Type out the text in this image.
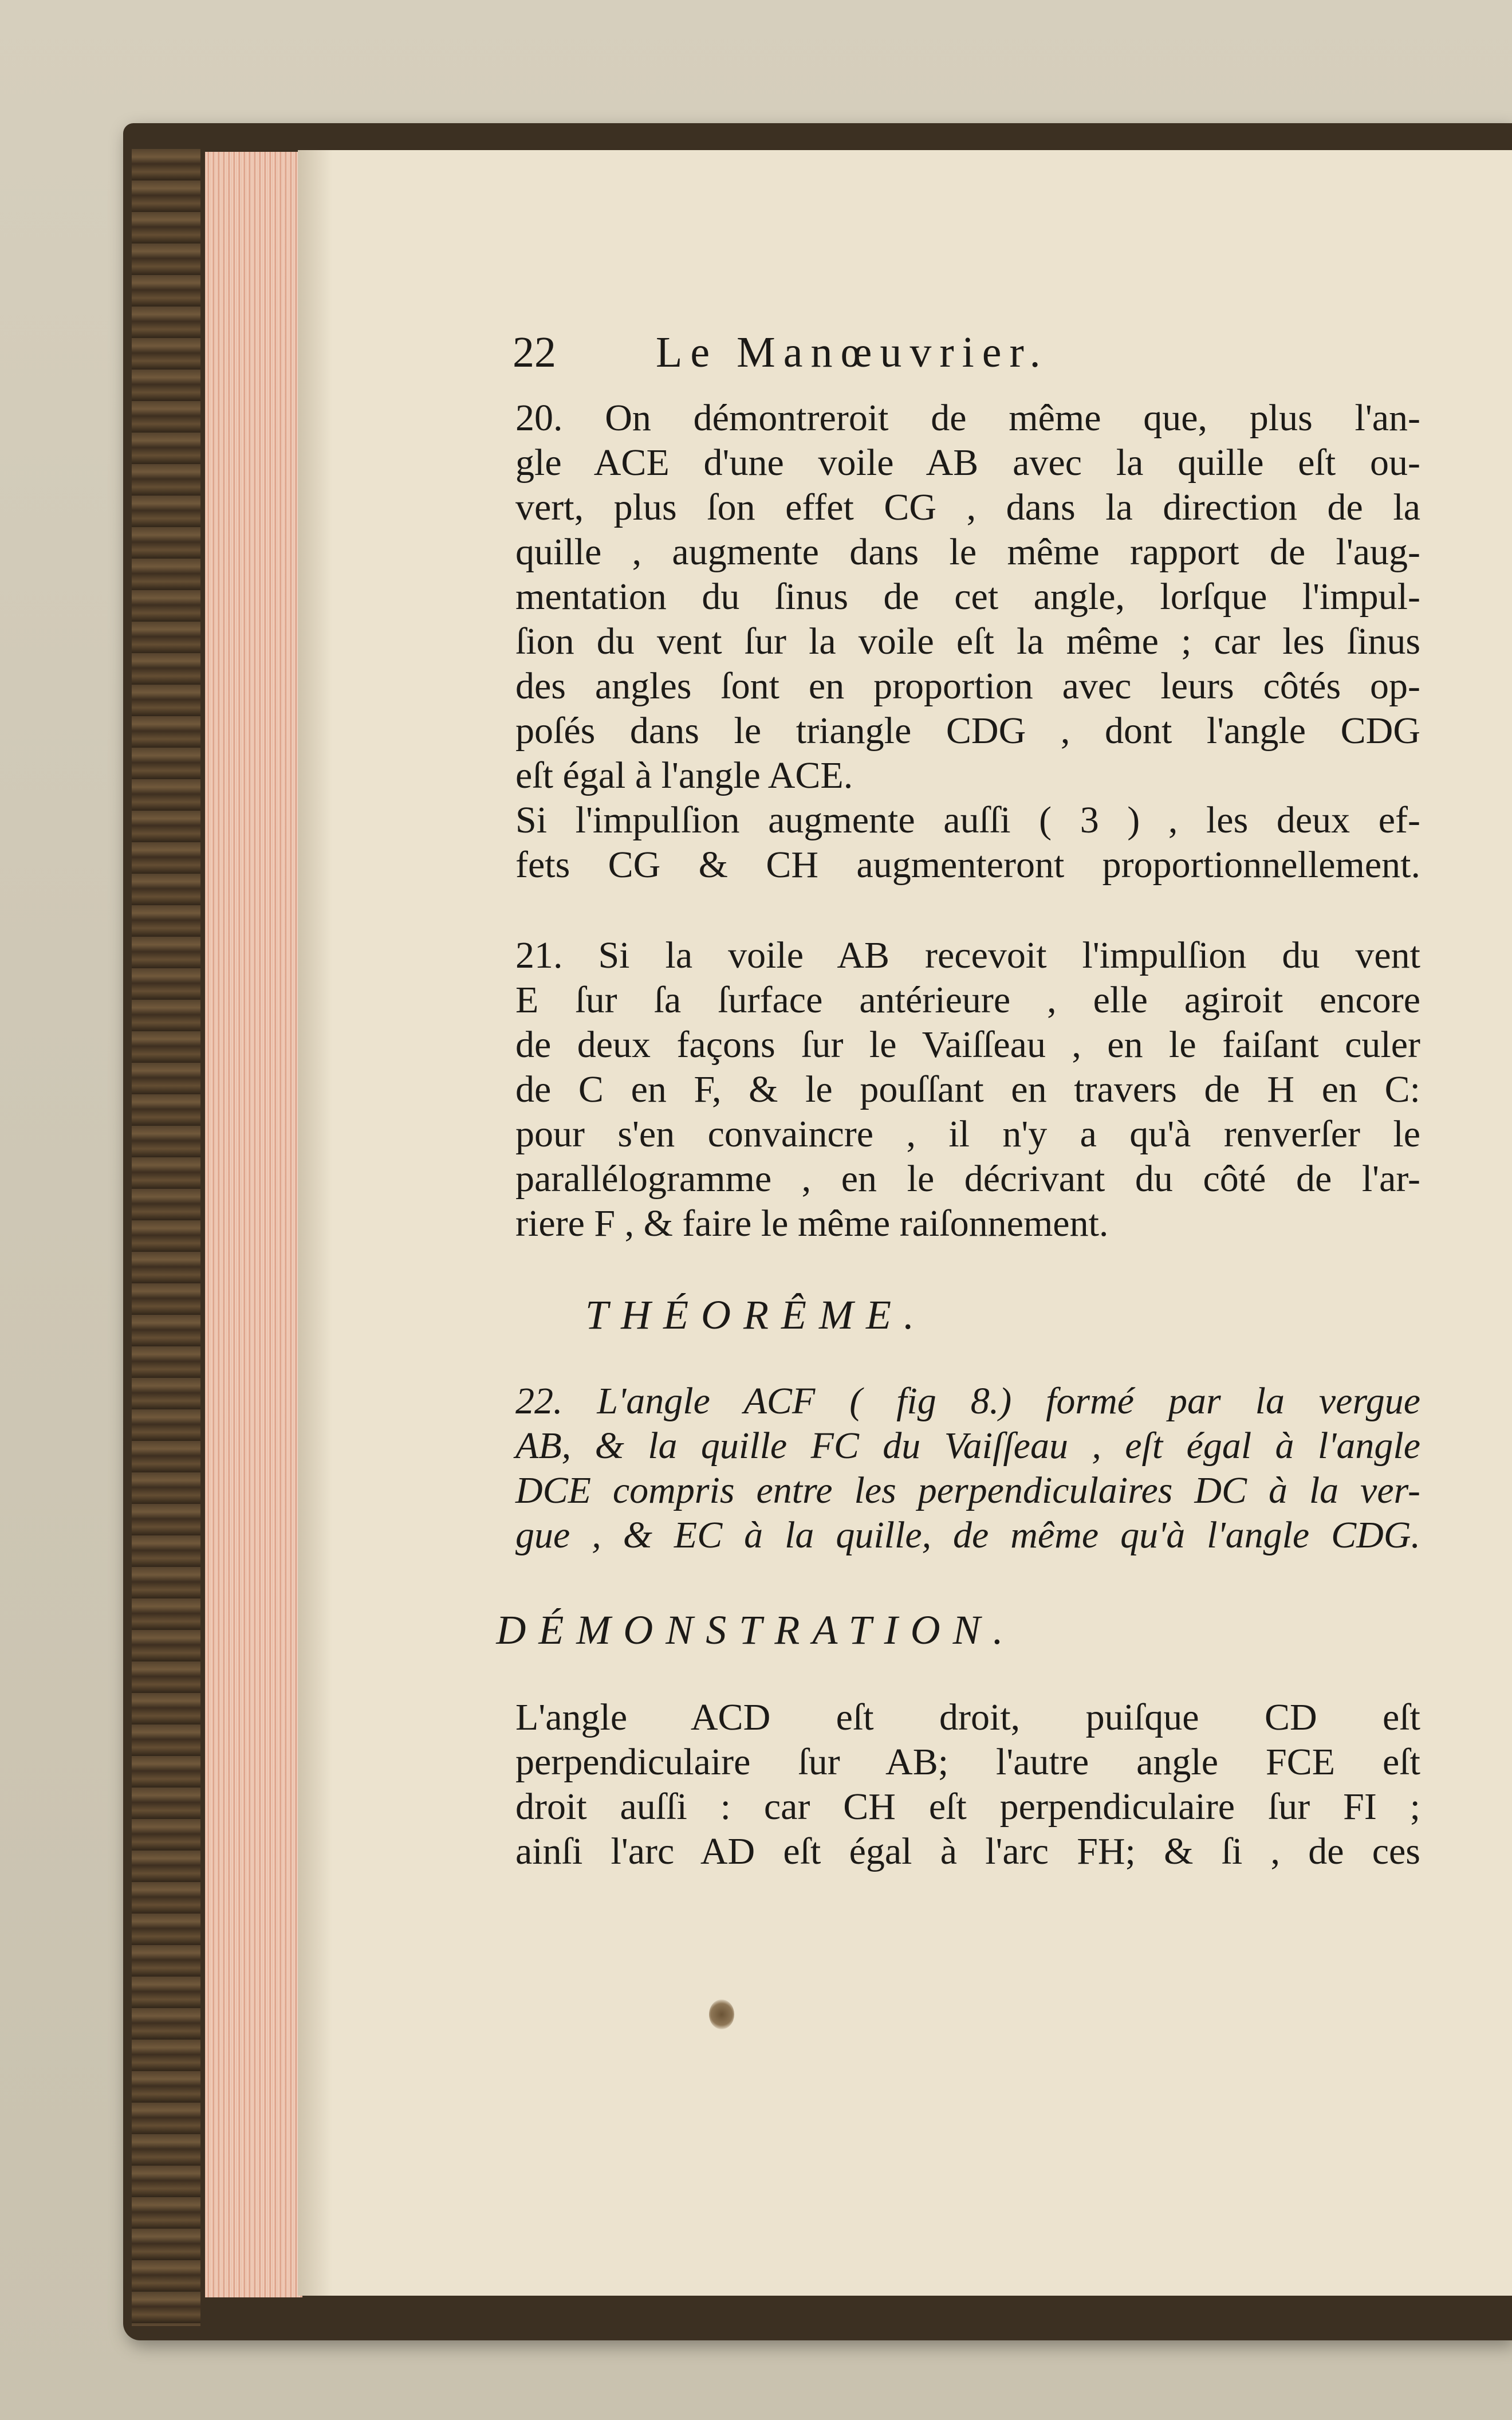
22 Le Manœuvrier.
20. On démontreroit de même que, plus l'an-
gle ACE d'une voile AB avec la quille eſt ou-
vert, plus ſon effet CG , dans la direction de la
quille , augmente dans le même rapport de l'aug-
mentation du ſinus de cet angle, lorſque l'impul-
ſion du vent ſur la voile eſt la même ; car les ſinus
des angles ſont en proportion avec leurs côtés op-
poſés dans le triangle CDG , dont l'angle CDG
eſt égal à l'angle ACE.
Si l'impulſion augmente auſſi ( 3 ) , les deux ef-
fets CG & CH augmenteront proportionnellement.
21. Si la voile AB recevoit l'impulſion du vent
E ſur ſa ſurface antérieure , elle agiroit encore
de deux façons ſur le Vaiſſeau , en le faiſant culer
de C en F, & le pouſſant en travers de H en C:
pour s'en convaincre , il n'y a qu'à renverſer le
parallélogramme , en le décrivant du côté de l'ar-
riere F , & faire le même raiſonnement.
THÉORÊME.
22. L'angle ACF ( fig 8.) formé par la vergue
AB, & la quille FC du Vaiſſeau , eſt égal à l'angle
DCE compris entre les perpendiculaires DC à la ver-
gue , & EC à la quille, de même qu'à l'angle CDG.
DÉMONSTRATION.
L'angle ACD eſt droit, puiſque CD eſt
perpendiculaire ſur AB; l'autre angle FCE eſt
droit auſſi : car CH eſt perpendiculaire ſur FI ;
ainſi l'arc AD eſt égal à l'arc FH; & ſi , de ces
